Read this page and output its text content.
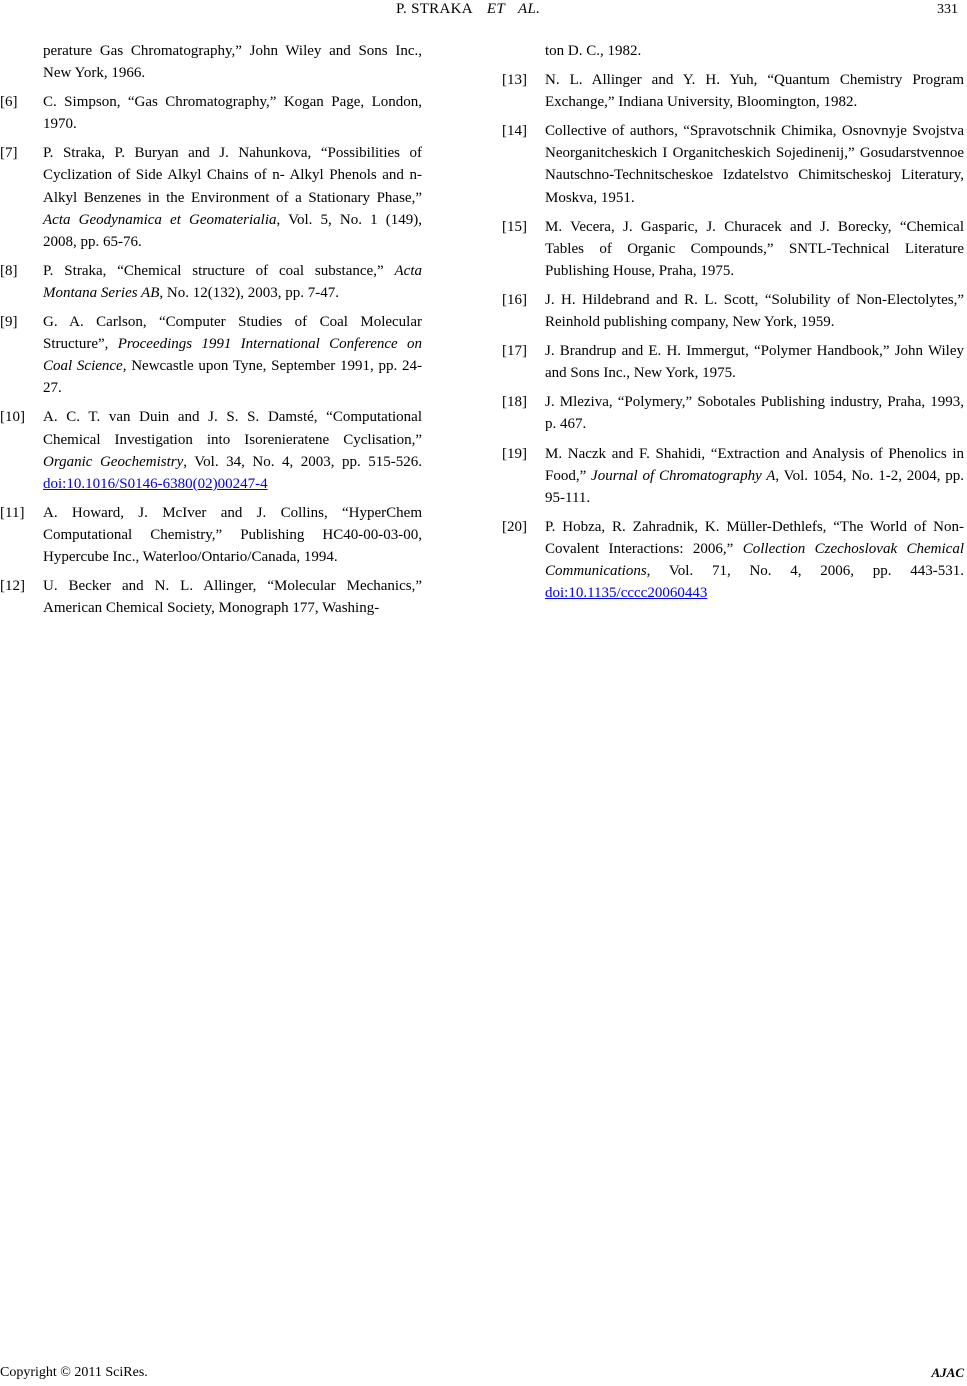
P. STRAKA ET AL.	331
perature Gas Chromatography,” John Wiley and Sons Inc., New York, 1966.
[6] C. Simpson, “Gas Chromatography,” Kogan Page, London, 1970.
[7] P. Straka, P. Buryan and J. Nahunkova, “Possibilities of Cyclization of Side Alkyl Chains of n- Alkyl Phenols and n- Alkyl Benzenes in the Environment of a Stationary Phase,” Acta Geodynamica et Geomaterialia, Vol. 5, No. 1 (149), 2008, pp. 65-76.
[8] P. Straka, “Chemical structure of coal substance,” Acta Montana Series AB, No. 12(132), 2003, pp. 7-47.
[9] G. A. Carlson, “Computer Studies of Coal Molecular Structure”, Proceedings 1991 International Conference on Coal Science, Newcastle upon Tyne, September 1991, pp. 24-27.
[10] A. C. T. van Duin and J. S. S. Damsté, “Computational Chemical Investigation into Isorenieratene Cyclisation,” Organic Geochemistry, Vol. 34, No. 4, 2003, pp. 515-526. doi:10.1016/S0146-6380(02)00247-4
[11] A. Howard, J. McIver and J. Collins, “HyperChem Computational Chemistry,” Publishing HC40-00-03-00, Hypercube Inc., Waterloo/Ontario/Canada, 1994.
[12] U. Becker and N. L. Allinger, “Molecular Mechanics,” American Chemical Society, Monograph 177, Washing-
ton D. C., 1982.
[13] N. L. Allinger and Y. H. Yuh, “Quantum Chemistry Program Exchange,” Indiana University, Bloomington, 1982.
[14] Collective of authors, “Spravotschnik Chimika, Osnovnyje Svojstva Neorganitcheskich I Organitcheskich Sojedinenij,” Gosudarstvennoe Nautschno-Technitscheskoe Izdatelstvo Chimitscheskoj Literatury, Moskva, 1951.
[15] M. Vecera, J. Gasparic, J. Churacek and J. Borecky, “Chemical Tables of Organic Compounds,” SNTL-Technical Literature Publishing House, Praha, 1975.
[16] J. H. Hildebrand and R. L. Scott, “Solubility of Non-Electolytes,” Reinhold publishing company, New York, 1959.
[17] J. Brandrup and E. H. Immergut, “Polymer Handbook,” John Wiley and Sons Inc., New York, 1975.
[18] J. Mleziva, “Polymery,” Sobotales Publishing industry, Praha, 1993, p. 467.
[19] M. Naczk and F. Shahidi, “Extraction and Analysis of Phenolics in Food,” Journal of Chromatography A, Vol. 1054, No. 1-2, 2004, pp. 95-111.
[20] P. Hobza, R. Zahradnik, K. Müller-Dethlefs, “The World of Non-Covalent Interactions: 2006,” Collection Czechoslovak Chemical Communications, Vol. 71, No. 4, 2006, pp. 443-531. doi:10.1135/cccc20060443
Copyright © 2011 SciRes.	AJAC
